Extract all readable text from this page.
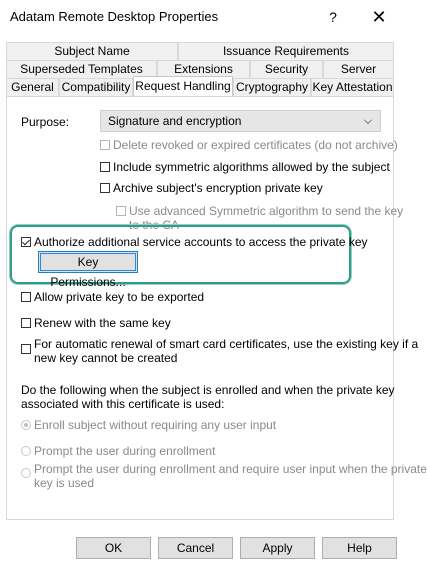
Adatam Remote Desktop Properties	?	✕
Subject Name	Issuance Requirements
Superseded Templates	Extensions	Security	Server
General Compatibility Request Handling Cryptography Key Attestation
Purpose:	Signature and encryption
Delete revoked or expired certificates (do not archive)
Include symmetric algorithms allowed by the subject
Archive subject's encryption private key
Use advanced Symmetric algorithm to send the key
Authorize additional service accounts to access the private key
Key Permissions...
Allow private key to be exported
Renew with the same key
For automatic renewal of smart card certificates, use the existing key if a
new key cannot be created
Do the following when the subject is enrolled and when the private key
associated with this certificate is used:
Enroll subject without requiring any user input
Prompt the user during enrollment
Prompt the user during enrollment and require user input when the private
key is used
OK	Cancel	Apply	Help
